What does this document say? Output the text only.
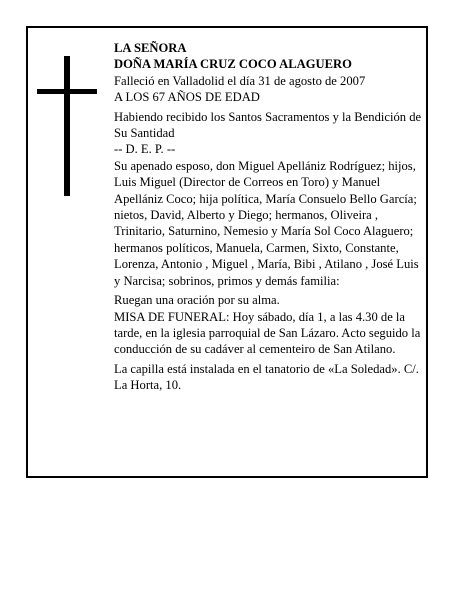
LA SEÑORA

DOÑA MARÍA CRUZ COCO ALAGUERO

Falleció en Valladolid el día 31 de agosto de 2007

A LOS 67 AÑOS DE EDAD

Habiendo recibido los Santos Sacramentos y la Bendición de Su Santidad

-- D. E. P. --

Su apenado esposo, don Miguel Apellániz Rodríguez; hijos, Luis Miguel (Director de Correos en Toro) y Manuel Apellániz Coco; hija política, María Consuelo Bello García; nietos, David, Alberto y Diego; hermanos, Oliveira , Trinitario, Saturnino, Nemesio y María Sol Coco Alaguero; hermanos políticos, Manuela, Carmen, Sixto, Constante, Lorenza, Antonio , Miguel , María, Bibi , Atilano , José Luis y Narcisa; sobrinos, primos y demás familia:

Ruegan una oración por su alma.

MISA DE FUNERAL: Hoy sábado, día 1, a las 4.30 de la tarde, en la iglesia parroquial de San Lázaro. Acto seguido la conducción de su cadáver al cementeiro de San Atilano.

La capilla está instalada en el tanatorio de «La Soledad». C/. La Horta, 10.
